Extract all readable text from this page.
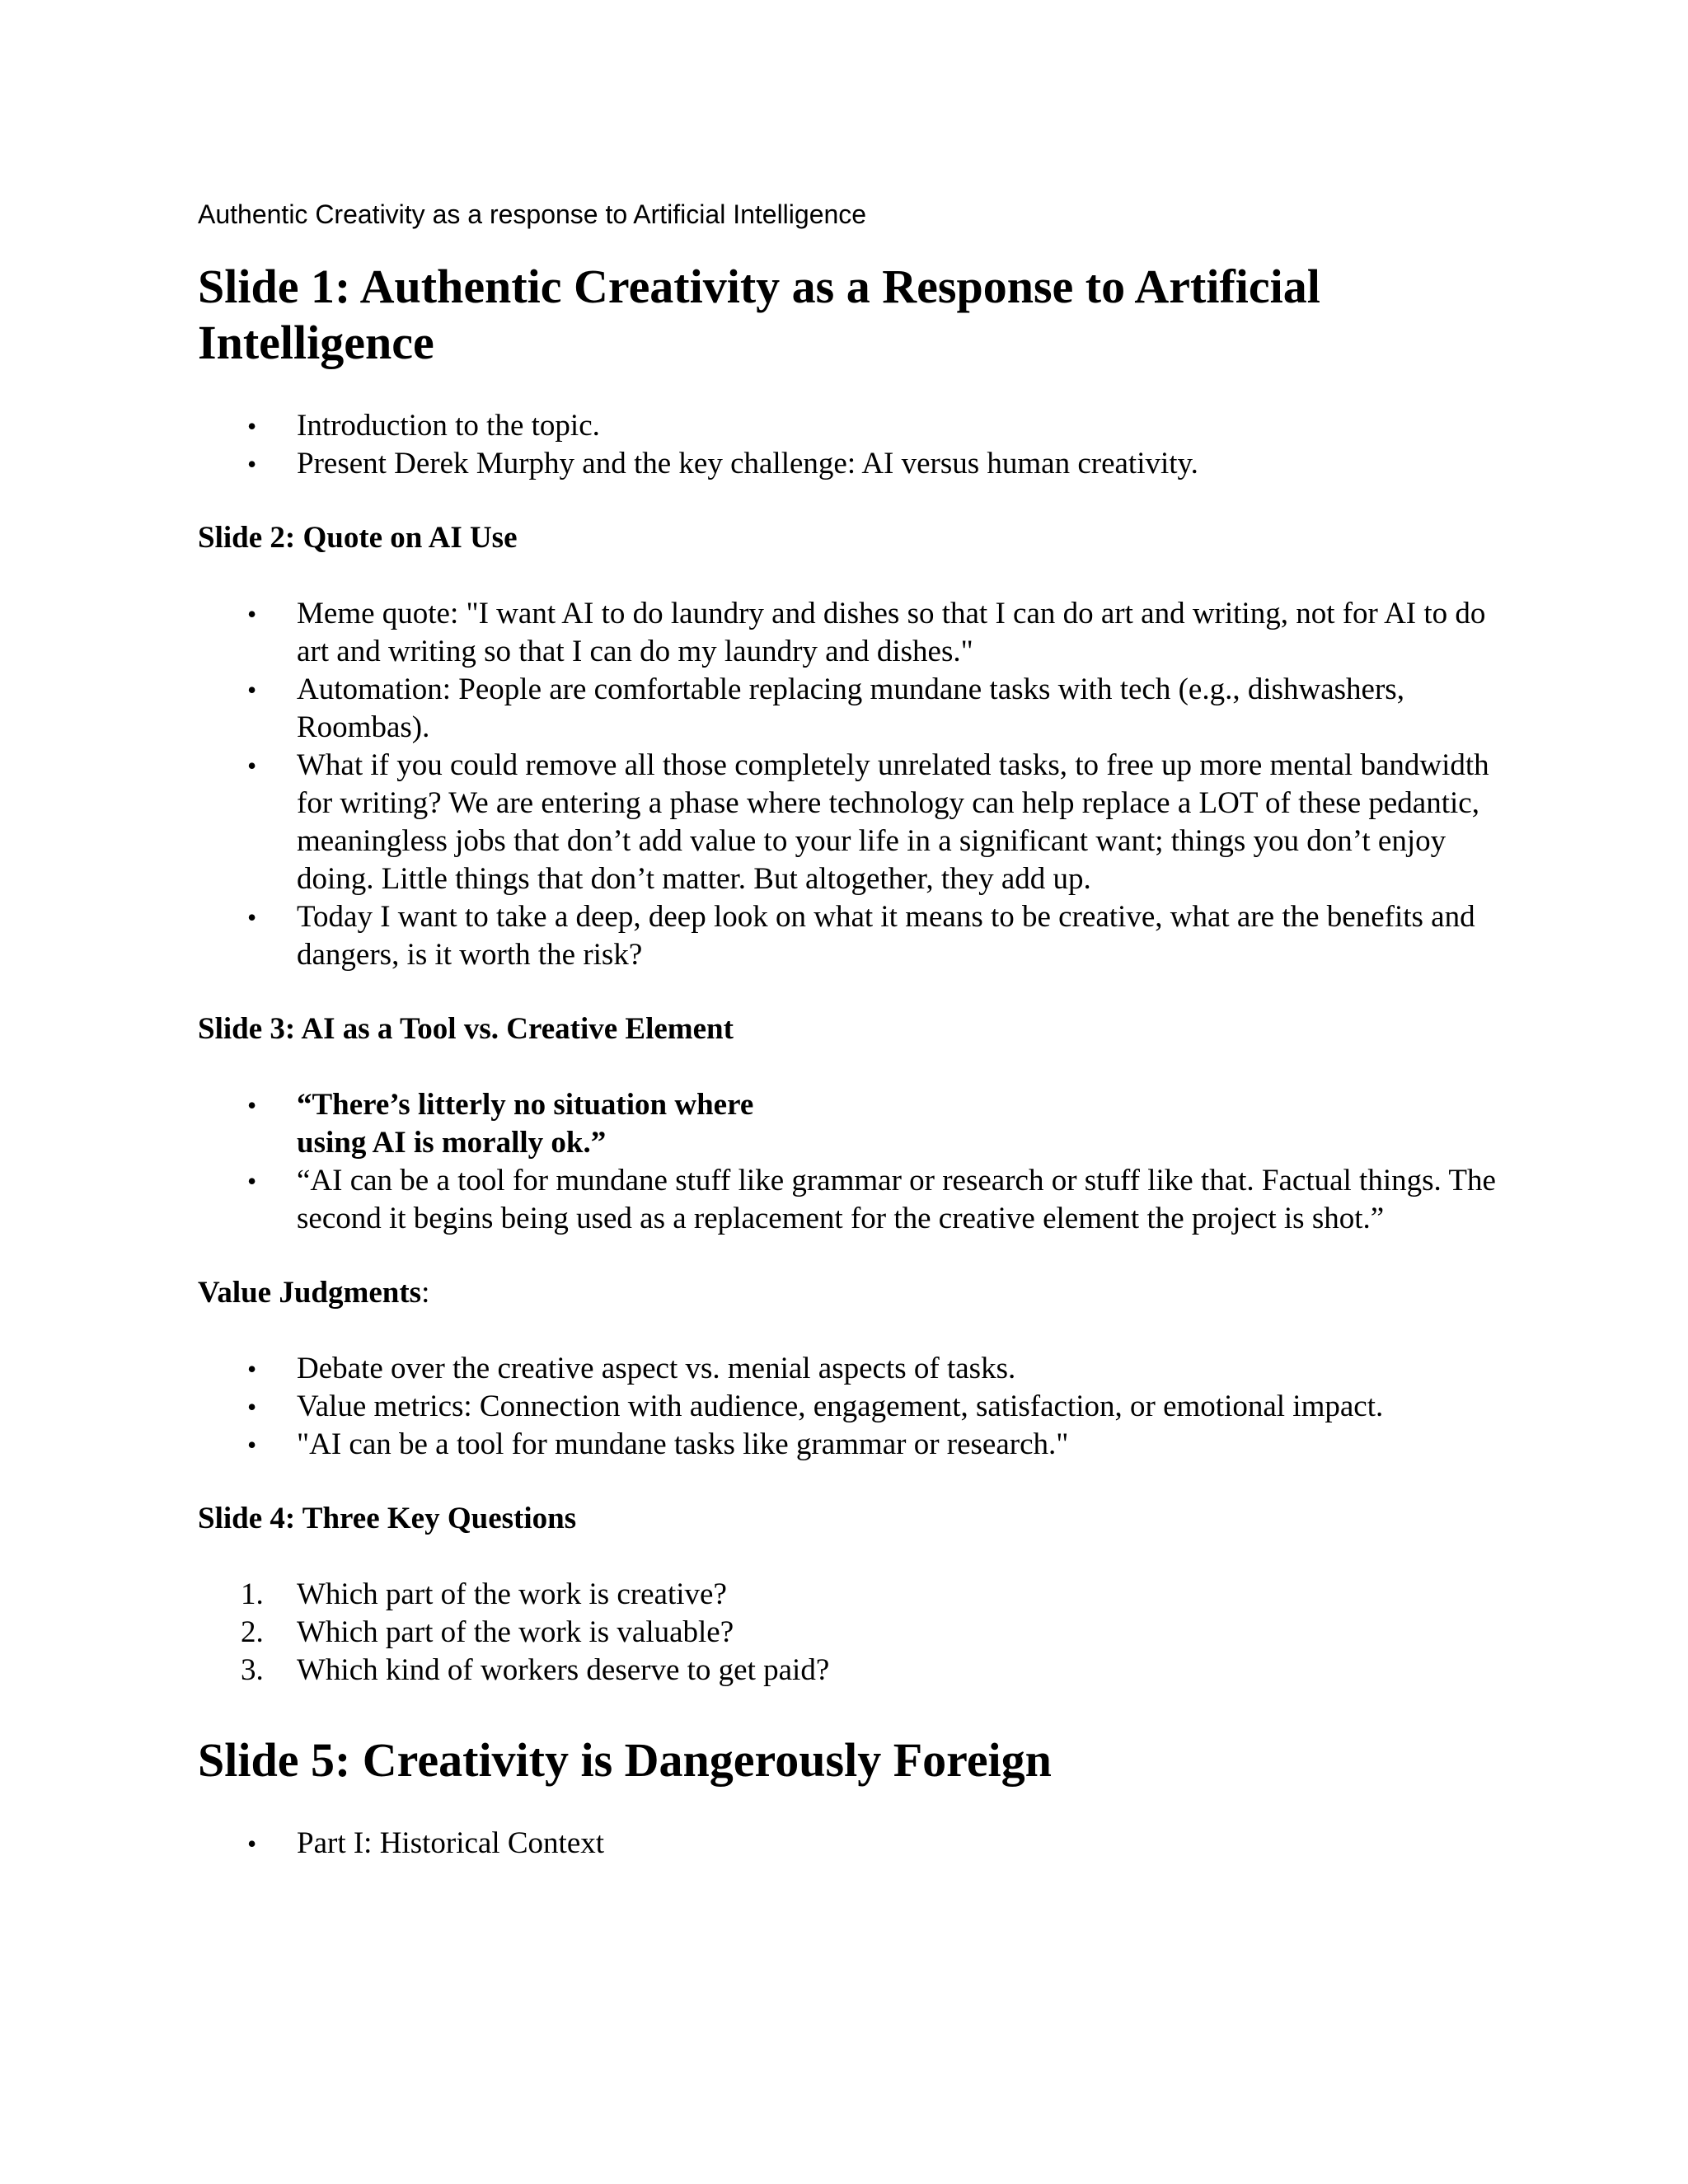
Authentic Creativity as a response to Artificial Intelligence
Slide 1: Authentic Creativity as a Response to Artificial Intelligence
• Introduction to the topic.
• Present Derek Murphy and the key challenge: AI versus human creativity.
Slide 2: Quote on AI Use
• Meme quote: "I want AI to do laundry and dishes so that I can do art and writing, not for AI to do art and writing so that I can do my laundry and dishes."
• Automation: People are comfortable replacing mundane tasks with tech (e.g., dishwashers, Roombas).
• What if you could remove all those completely unrelated tasks, to free up more mental bandwidth for writing? We are entering a phase where technology can help replace a LOT of these pedantic, meaningless jobs that don’t add value to your life in a significant want; things you don’t enjoy doing. Little things that don’t matter. But altogether, they add up.
• Today I want to take a deep, deep look on what it means to be creative, what are the benefits and dangers, is it worth the risk?
Slide 3: AI as a Tool vs. Creative Element
• “There’s litterly no situation where
using AI is morally ok.”
• “AI can be a tool for mundane stuff like grammar or research or stuff like that. Factual things. The second it begins being used as a replacement for the creative element the project is shot.”

Value Judgments:

• Debate over the creative aspect vs. menial aspects of tasks.
• Value metrics: Connection with audience, engagement, satisfaction, or emotional impact.
• "AI can be a tool for mundane tasks like grammar or research."
Slide 4: Three Key Questions
1. Which part of the work is creative?
2. Which part of the work is valuable?
3. Which kind of workers deserve to get paid?
Slide 5: Creativity is Dangerously Foreign
• Part I: Historical Context
